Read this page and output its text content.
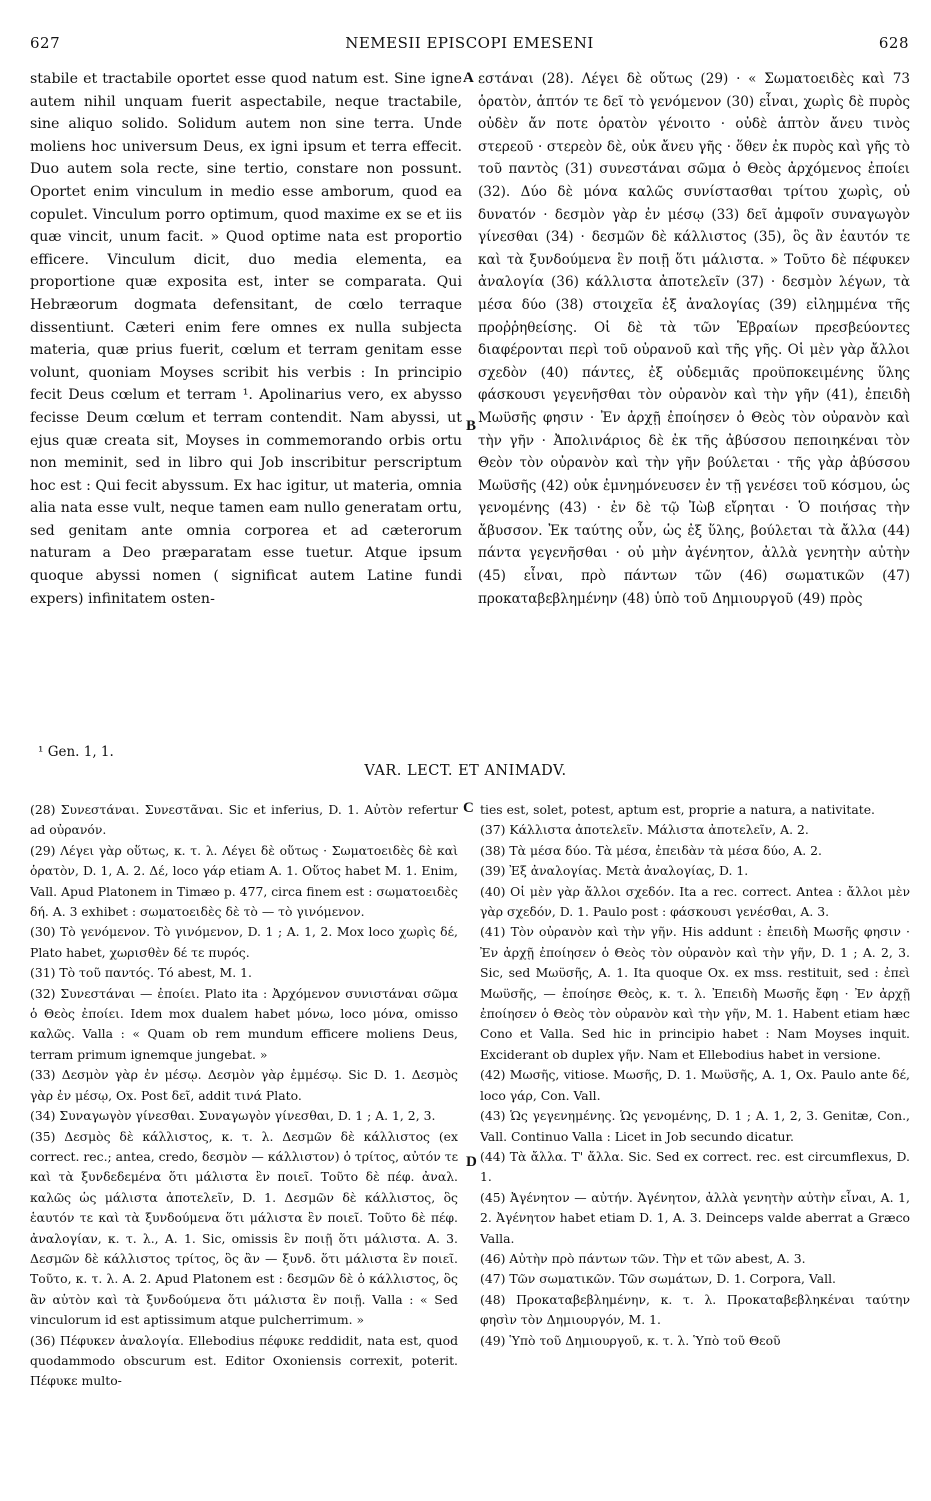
627	NEMESII EPISCOPI EMESENI	628

stabile et tractabile oportet esse quod natum est. Sine igne autem nihil unquam fuerit aspectabile, neque tractabile, sine aliquo solido. Solidum autem non sine terra. Unde moliens hoc universum Deus, ex igni ipsum et terra effecit. Duo autem sola recte, sine tertio, constare non possunt. Oportet enim vinculum in medio esse amborum, quod ea copulet. Vinculum porro optimum, quod maxime ex se et iis quæ vincit, unum facit. » Quod optime nata est proportio efficere. Vinculum dicit, duo media elementa, ea proportione quæ exposita est, inter se comparata. Qui Hebræorum dogmata defensitant, de cœlo terraque dissentiunt. Cæteri enim fere omnes ex nulla subjecta materia, quæ prius fuerit, cœlum et terram genitam esse volunt, quoniam Moyses scribit his verbis : In principio fecit Deus cœlum et terram ¹. Apolinarius vero, ex abysso fecisse Deum cœlum et terram contendit. Nam abyssi, ut ejus quæ creata sit, Moyses in commemorando orbis ortu non meminit, sed in libro qui Job inscribitur perscriptum hoc est : Qui fecit abyssum. Ex hac igitur, ut materia, omnia alia nata esse vult, neque tamen eam nullo generatam ortu, sed genitam ante omnia corporea et ad cæterorum naturam a Deo præparatam esse tuetur. Atque ipsum quoque abyssi nomen ( significat autem Latine fundi expers) infinitatem osten-

εστάναι (28). Λέγει δὲ οὕτως (29) · « Σωματοειδὲς καὶ 73 ὁρατὸν, ἁπτόν τε δεῖ τὸ γενόμενον (30) εἶναι, χωρὶς δὲ πυρὸς οὐδὲν ἄν ποτε ὁρατὸν γένοιτο · οὐδὲ ἁπτὸν ἄνευ τινὸς στερεοῦ · στερεὸν δὲ, οὐκ ἄνευ γῆς · ὅθεν ἐκ πυρὸς καὶ γῆς τὸ τοῦ παντὸς (31) συνεστάναι σῶμα ὁ Θεὸς ἀρχόμενος ἐποίει (32). Δύο δὲ μόνα καλῶς συνίστασθαι τρίτου χωρὶς, οὐ δυνατόν · δεσμὸν γὰρ ἐν μέσῳ (33) δεῖ ἀμφοῖν συναγωγὸν γίνεσθαι (34) · δεσμῶν δὲ κάλλιστος (35), ὃς ἂν ἑαυτόν τε καὶ τὰ ξυνδούμενα ἓν ποιῇ ὅτι μάλιστα. » Τοῦτο δὲ πέφυκεν ἀναλογία (36) κάλλιστα ἀποτελεῖν (37) · δεσμὸν λέγων, τὰ μέσα δύο (38) στοιχεῖα ἐξ ἀναλογίας (39) εἰλημμένα τῆς προῤῥηθείσης. Οἱ δὲ τὰ τῶν Ἑβραίων πρεσβεύοντες διαφέρονται περὶ τοῦ οὐρανοῦ καὶ τῆς γῆς. Οἱ μὲν γὰρ ἄλλοι σχεδὸν (40) πάντες, ἐξ οὐδεμιᾶς προϋποκειμένης ὕλης φάσκουσι γεγενῆσθαι τὸν οὐρανὸν καὶ τὴν γῆν (41), ἐπειδὴ Μωϋσῆς φησιν · Ἐν ἀρχῇ ἐποίησεν ὁ Θεὸς τὸν οὐρανὸν καὶ τὴν γῆν · Ἀπολινάριος δὲ ἐκ τῆς ἀβύσσου πεποιηκέναι τὸν Θεὸν τὸν οὐρανὸν καὶ τὴν γῆν βούλεται · τῆς γὰρ ἀβύσσου Μωϋσῆς (42) οὐκ ἐμνημόνευσεν ἐν τῇ γενέσει τοῦ κόσμου, ὡς γενομένης (43) · ἐν δὲ τῷ Ἰὼβ εἴρηται · Ὁ ποιήσας τὴν ἄβυσσον. Ἐκ ταύτης οὖν, ὡς ἐξ ὕλης, βούλεται τὰ ἄλλα (44) πάντα γεγενῆσθαι · οὐ μὴν ἀγένητον, ἀλλὰ γενητὴν αὐτὴν (45) εἶναι, πρὸ πάντων τῶν (46) σωματικῶν (47) προκαταβεβλημένην (48) ὑπὸ τοῦ Δημιουργοῦ (49) πρὸς

A
B
C
D
¹ Gen. 1, 1.
VAR. LECT. ET ANIMADV.

(28) Συνεστάναι. Συνεστᾶναι. Sic et inferius, D. 1. Αὐτὸν refertur ad οὐρανόν.

(29) Λέγει γὰρ οὕτως, κ. τ. λ. Λέγει δὲ οὕτως · Σωματοειδὲς δὲ καὶ ὁρατὸν, D. 1, A. 2. Δέ, loco γάρ etiam A. 1. Οὕτος habet M. 1. Enim, Vall. Apud Platonem in Timæo p. 477, circa finem est : σωματοειδὲς δή. A. 3 exhibet : σωματοειδὲς δὲ τὸ — τὸ γινόμενον.

(30) Τὸ γενόμενον. Τὸ γινόμενον, D. 1 ; A. 1, 2. Mox loco χωρὶς δέ, Plato habet, χωρισθὲν δέ τε πυρός.

(31) Τὸ τοῦ παντός. Τό abest, M. 1.

(32) Συνεστάναι — ἐποίει. Plato ita : Ἀρχόμενον συνιστάναι σῶμα ὁ Θεὸς ἐποίει. Idem mox dualem habet μόνω, loco μόνα, omisso καλῶς. Valla : « Quam ob rem mundum efficere moliens Deus, terram primum ignemque jungebat. »

(33) Δεσμὸν γὰρ ἐν μέσῳ. Δεσμὸν γὰρ ἐμμέσῳ. Sic D. 1. Δεσμὸς γὰρ ἐν μέσῳ, Ox. Post δεῖ, addit τινά Plato.

(34) Συναγωγὸν γίνεσθαι. Συναγωγὸν γίνεσθαι, D. 1 ; A. 1, 2, 3.

(35) Δεσμὸς δὲ κάλλιστος, κ. τ. λ. Δεσμῶν δὲ κάλλιστος (ex correct. rec.; antea, credo, δεσμὸν — κάλλιστον) ὁ τρίτος, αὐτόν τε καὶ τὰ ξυνδεδεμένα ὅτι μάλιστα ἓν ποιεῖ. Τοῦτο δὲ πέφ. ἀναλ. καλῶς ὡς μάλιστα ἀποτελεῖν, D. 1. Δεσμῶν δὲ κάλλιστος, ὃς ἑαυτόν τε καὶ τὰ ξυνδούμενα ὅτι μάλιστα ἓν ποιεῖ. Τοῦτο δὲ πέφ. ἀναλογίαν, κ. τ. λ., A. 1. Sic, omissis ἓν ποιῇ ὅτι μάλιστα. A. 3. Δεσμῶν δὲ κάλλιστος τρίτος, ὃς ἂν — ξυνδ. ὅτι μάλιστα ἓν ποιεῖ. Τοῦτο, κ. τ. λ. A. 2. Apud Platonem est : δεσμῶν δὲ ὁ κάλλιστος, ὃς ἂν αὑτὸν καὶ τὰ ξυνδούμενα ὅτι μάλιστα ἓν ποιῇ. Valla : « Sed vinculorum id est aptissimum atque pulcherrimum. »

(36) Πέφυκεν ἀναλογία. Ellebodius πέφυκε reddidit, nata est, quod quodammodo obscurum est. Editor Oxoniensis correxit, poterit. Πέφυκε multo-

ties est, solet, potest, aptum est, proprie a natura, a nativitate.

(37) Κάλλιστα ἀποτελεῖν. Μάλιστα ἀποτελεῖν, A. 2.

(38) Τὰ μέσα δύο. Τὰ μέσα, ἐπειδὰν τὰ μέσα δύο, A. 2.

(39) Ἐξ ἀναλογίας. Μετὰ ἀναλογίας, D. 1.

(40) Οἱ μὲν γὰρ ἄλλοι σχεδόν. Ita a rec. correct. Antea : ἄλλοι μὲν γὰρ σχεδόν, D. 1. Paulo post : φάσκουσι γενέσθαι, A. 3.

(41) Τὸν οὐρανὸν καὶ τὴν γῆν. His addunt : ἐπειδὴ Μωσῆς φησιν · Ἐν ἀρχῇ ἐποίησεν ὁ Θεὸς τὸν οὐρανὸν καὶ τὴν γῆν, D. 1 ; A. 2, 3. Sic, sed Μωϋσῆς, A. 1. Ita quoque Ox. ex mss. restituit, sed : ἐπεὶ Μωϋσῆς, — ἐποίησε Θεὸς, κ. τ. λ. Ἐπειδὴ Μωσῆς ἔφη · Ἐν ἀρχῇ ἐποίησεν ὁ Θεὸς τὸν οὐρανὸν καὶ τὴν γῆν, M. 1. Habent etiam hæc Cono et Valla. Sed hic in principio habet : Nam Moyses inquit. Exciderant ob duplex γῆν. Nam et Ellebodius habet in versione.

(42) Μωσῆς, vitiose. Μωσῆς, D. 1. Μωϋσῆς, A. 1, Ox. Paulo ante δέ, loco γάρ, Con. Vall.

(43) Ὡς γεγενημένης. Ὡς γενομένης, D. 1 ; A. 1, 2, 3. Genitæ, Con., Vall. Continuo Valla : Licet in Job secundo dicatur.

(44) Τὰ ἄλλα. Τ' ἄλλα. Sic. Sed ex correct. rec. est circumflexus, D. 1.

(45) Ἀγένητον — αὐτήν. Ἀγένητον, ἀλλὰ γενητὴν αὐτὴν εἶναι, A. 1, 2. Ἀγένητον habet etiam D. 1, A. 3. Deinceps valde aberrat a Græco Valla.

(46) Αὐτὴν πρὸ πάντων τῶν. Τὴν et τῶν abest, A. 3.

(47) Τῶν σωματικῶν. Τῶν σωμάτων, D. 1. Corpora, Vall.

(48) Προκαταβεβλημένην, κ. τ. λ. Προκαταβεβληκέναι ταύτην φησὶν τὸν Δημιουργόν, M. 1.

(49) Ὑπὸ τοῦ Δημιουργοῦ, κ. τ. λ. Ὑπὸ τοῦ Θεοῦ
